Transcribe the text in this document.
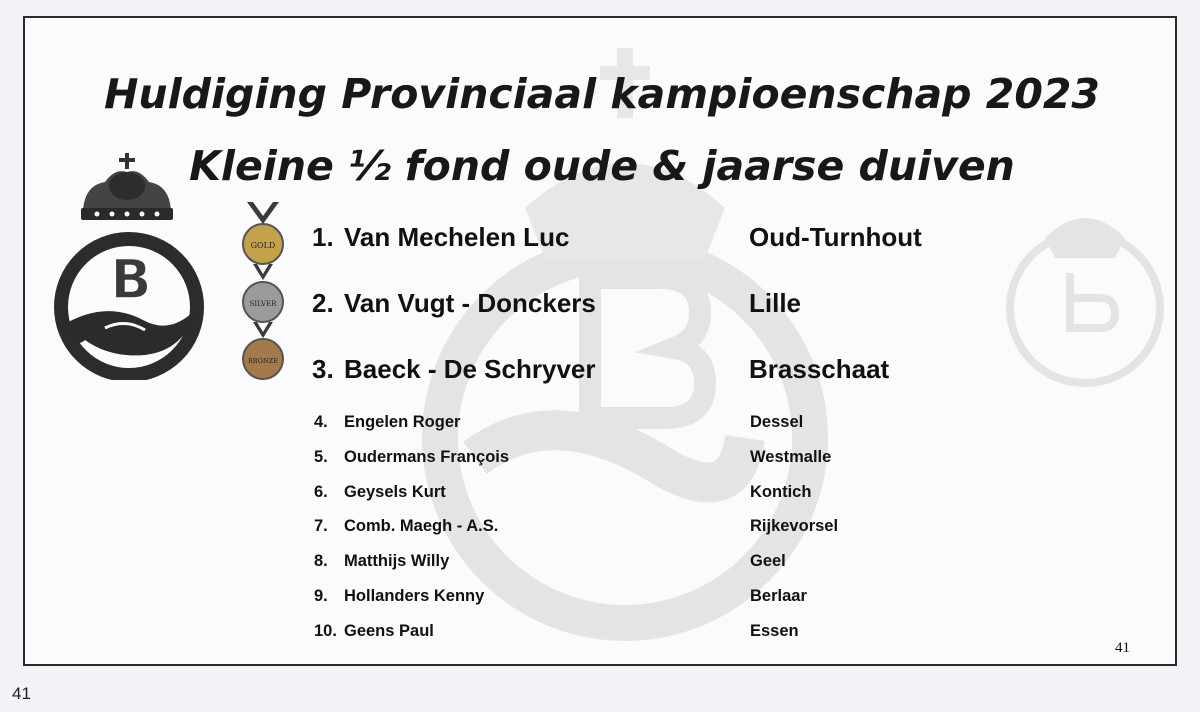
Huldiging Provinciaal kampioenschap 2023
Kleine ½ fond oude & jaarse duiven
B
GOLD
SILVER
BRONZE
1. Van Mechelen Luc	Oud-Turnhout
2. Van Vugt - Donckers	Lille
3. Baeck - De Schryver	Brasschaat
4. Engelen Roger	Dessel
5. Oudermans François	Westmalle
6. Geysels Kurt	Kontich
7. Comb. Maegh - A.S.	Rijkevorsel
8. Matthijs Willy	Geel
9. Hollanders Kenny	Berlaar
10. Geens Paul	Essen
41
41
